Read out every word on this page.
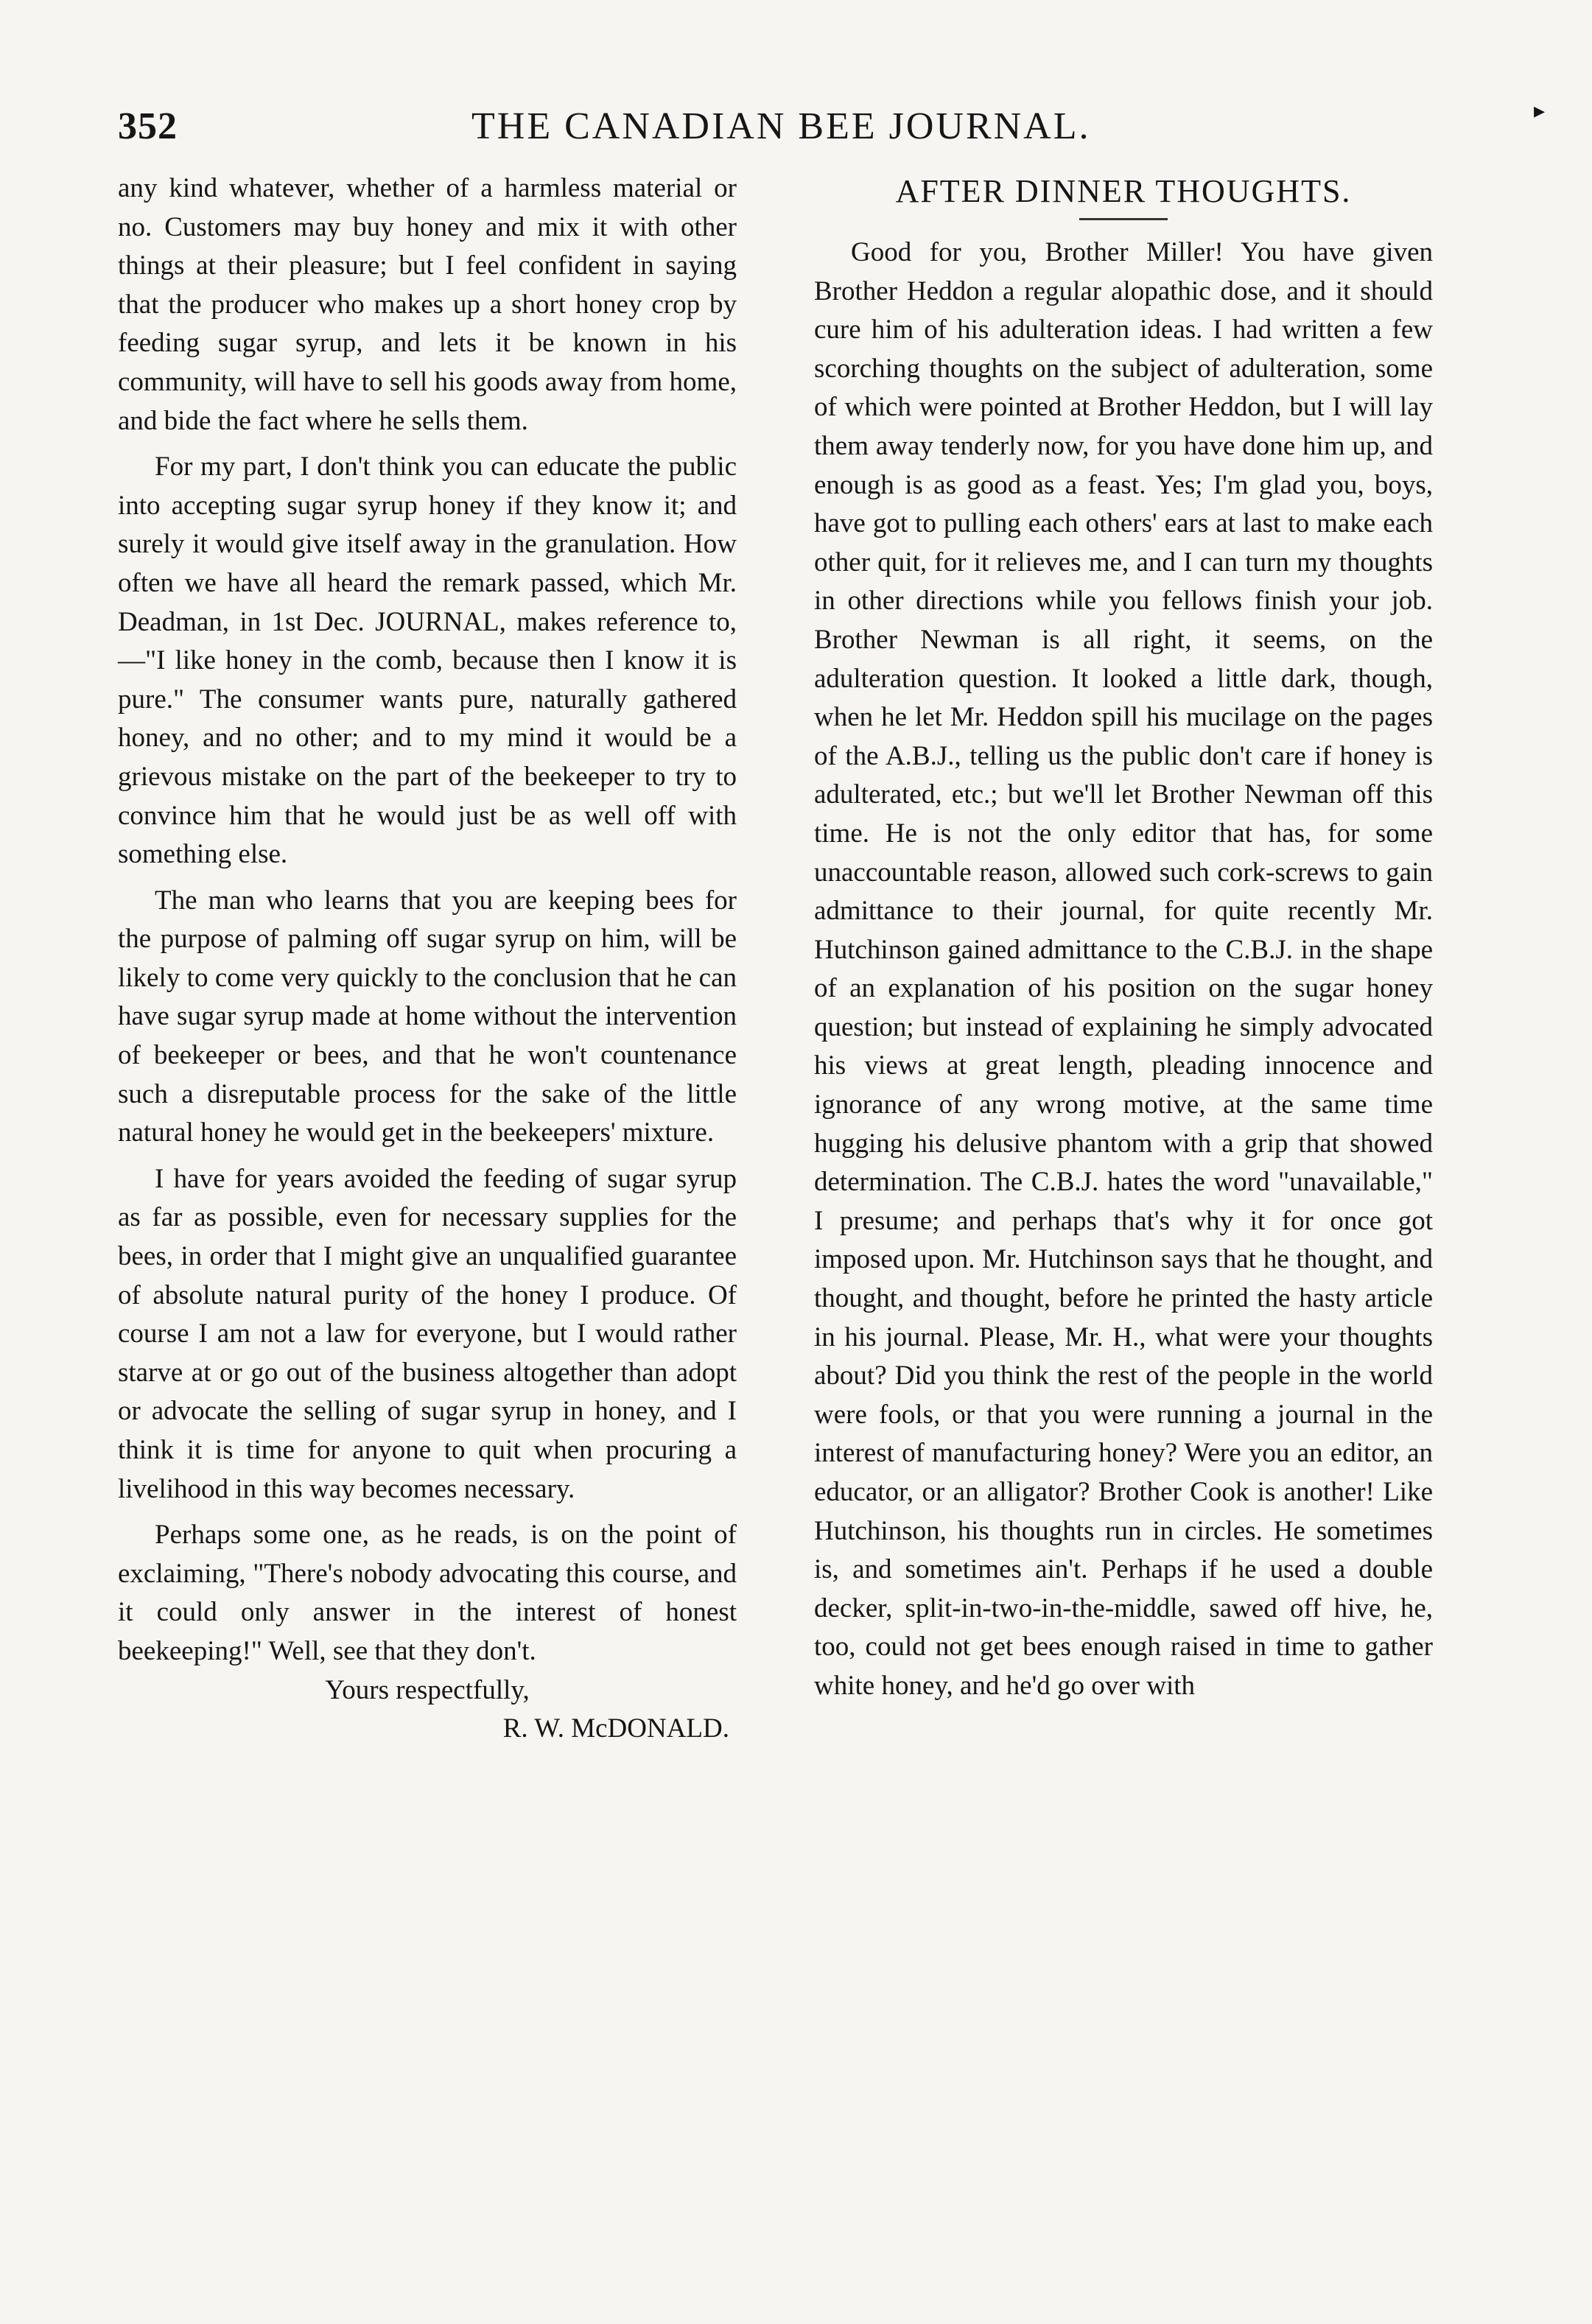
▸
352	THE CANADIAN BEE JOURNAL.

any kind whatever, whether of a harmless material or no. Customers may buy honey and mix it with other things at their pleasure; but I feel confident in saying that the producer who makes up a short honey crop by feeding sugar syrup, and lets it be known in his community, will have to sell his goods away from home, and bide the fact where he sells them.

For my part, I don't think you can educate the public into accepting sugar syrup honey if they know it; and surely it would give itself away in the granulation. How often we have all heard the remark passed, which Mr. Deadman, in 1st Dec. JOURNAL, makes reference to,—"I like honey in the comb, because then I know it is pure." The consumer wants pure, naturally gathered honey, and no other; and to my mind it would be a grievous mistake on the part of the beekeeper to try to convince him that he would just be as well off with something else.

The man who learns that you are keeping bees for the purpose of palming off sugar syrup on him, will be likely to come very quickly to the conclusion that he can have sugar syrup made at home without the intervention of beekeeper or bees, and that he won't countenance such a disreputable process for the sake of the little natural honey he would get in the beekeepers' mixture.

I have for years avoided the feeding of sugar syrup as far as possible, even for necessary supplies for the bees, in order that I might give an unqualified guarantee of absolute natural purity of the honey I produce. Of course I am not a law for everyone, but I would rather starve at or go out of the business altogether than adopt or advocate the selling of sugar syrup in honey, and I think it is time for anyone to quit when procuring a livelihood in this way becomes necessary.

Perhaps some one, as he reads, is on the point of exclaiming, "There's nobody advocating this course, and it could only answer in the interest of honest beekeeping!" Well, see that they don't.

Yours respectfully,

R. W. McDONALD.

AFTER DINNER THOUGHTS.

Good for you, Brother Miller! You have given Brother Heddon a regular alopathic dose, and it should cure him of his adulteration ideas. I had written a few scorching thoughts on the subject of adulteration, some of which were pointed at Brother Heddon, but I will lay them away tenderly now, for you have done him up, and enough is as good as a feast. Yes; I'm glad you, boys, have got to pulling each others' ears at last to make each other quit, for it relieves me, and I can turn my thoughts in other directions while you fellows finish your job. Brother Newman is all right, it seems, on the adulteration question. It looked a little dark, though, when he let Mr. Heddon spill his mucilage on the pages of the A.B.J., telling us the public don't care if honey is adulterated, etc.; but we'll let Brother Newman off this time. He is not the only editor that has, for some unaccountable reason, allowed such cork-screws to gain admittance to their journal, for quite recently Mr. Hutchinson gained admittance to the C.B.J. in the shape of an explanation of his position on the sugar honey question; but instead of explaining he simply advocated his views at great length, pleading innocence and ignorance of any wrong motive, at the same time hugging his delusive phantom with a grip that showed determination. The C.B.J. hates the word "unavailable," I presume; and perhaps that's why it for once got imposed upon. Mr. Hutchinson says that he thought, and thought, and thought, before he printed the hasty article in his journal. Please, Mr. H., what were your thoughts about? Did you think the rest of the people in the world were fools, or that you were running a journal in the interest of manufacturing honey? Were you an editor, an educator, or an alligator? Brother Cook is another! Like Hutchinson, his thoughts run in circles. He sometimes is, and sometimes ain't. Perhaps if he used a double decker, split-in-two-in-the-middle, sawed off hive, he, too, could not get bees enough raised in time to gather white honey, and he'd go over with
